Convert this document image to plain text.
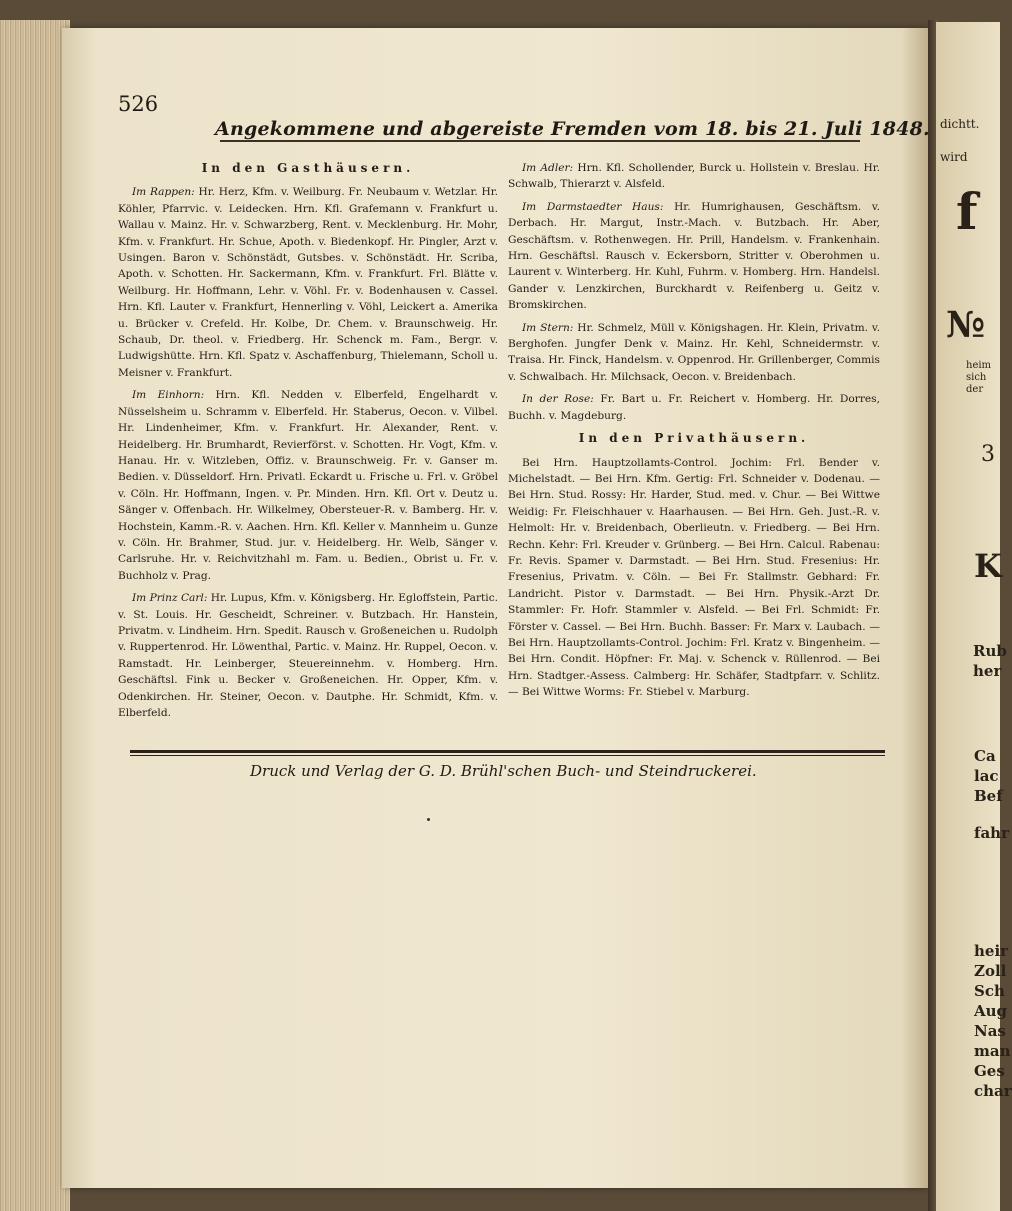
dichtt.
wird
f
№
heim
sich
der
3
K
Rub
her
Ca
lac
Bef
fahr
heir
Zoll
Sch
Aug
Nas
man
Ges
char
526
Angekommene und abgereiste Fremden vom 18. bis 21. Juli 1848.
In den Gasthäusern.

Im Rappen: Hr. Herz, Kfm. v. Weilburg. Fr. Neubaum v. Wetzlar. Hr. Köhler, Pfarrvic. v. Leidecken. Hrn. Kfl. Grafemann v. Frankfurt u. Wallau v. Mainz. Hr. v. Schwarzberg, Rent. v. Mecklenburg. Hr. Mohr, Kfm. v. Frankfurt. Hr. Schue, Apoth. v. Biedenkopf. Hr. Pingler, Arzt v. Usingen. Baron v. Schönstädt, Gutsbes. v. Schönstädt. Hr. Scriba, Apoth. v. Schotten. Hr. Sackermann, Kfm. v. Frankfurt. Frl. Blätte v. Weilburg. Hr. Hoffmann, Lehr. v. Vöhl. Fr. v. Bodenhausen v. Cassel. Hrn. Kfl. Lauter v. Frankfurt, Hennerling v. Vöhl, Leickert a. Amerika u. Brücker v. Crefeld. Hr. Kolbe, Dr. Chem. v. Braunschweig. Hr. Schaub, Dr. theol. v. Friedberg. Hr. Schenck m. Fam., Bergr. v. Ludwigshütte. Hrn. Kfl. Spatz v. Aschaffenburg, Thielemann, Scholl u. Meisner v. Frankfurt.

Im Einhorn: Hrn. Kfl. Nedden v. Elberfeld, Engelhardt v. Nüsselsheim u. Schramm v. Elberfeld. Hr. Staberus, Oecon. v. Vilbel. Hr. Lindenheimer, Kfm. v. Frankfurt. Hr. Alexander, Rent. v. Heidelberg. Hr. Brumhardt, Revierförst. v. Schotten. Hr. Vogt, Kfm. v. Hanau. Hr. v. Witzleben, Offiz. v. Braunschweig. Fr. v. Ganser m. Bedien. v. Düsseldorf. Hrn. Privatl. Eckardt u. Frische u. Frl. v. Gröbel v. Cöln. Hr. Hoffmann, Ingen. v. Pr. Minden. Hrn. Kfl. Ort v. Deutz u. Sänger v. Offenbach. Hr. Wilkelmey, Obersteuer-R. v. Bamberg. Hr. v. Hochstein, Kamm.-R. v. Aachen. Hrn. Kfl. Keller v. Mannheim u. Gunze v. Cöln. Hr. Brahmer, Stud. jur. v. Heidelberg. Hr. Welb, Sänger v. Carlsruhe. Hr. v. Reichvitzhahl m. Fam. u. Bedien., Obrist u. Fr. v. Buchholz v. Prag.

Im Prinz Carl: Hr. Lupus, Kfm. v. Königsberg. Hr. Egloffstein, Partic. v. St. Louis. Hr. Gescheidt, Schreiner. v. Butzbach. Hr. Hanstein, Privatm. v. Lindheim. Hrn. Spedit. Rausch v. Großeneichen u. Rudolph v. Ruppertenrod. Hr. Löwenthal, Partic. v. Mainz. Hr. Ruppel, Oecon. v. Ramstadt. Hr. Leinberger, Steuereinnehm. v. Homberg. Hrn. Geschäftsl. Fink u. Becker v. Großeneichen. Hr. Opper, Kfm. v. Odenkirchen. Hr. Steiner, Oecon. v. Dautphe. Hr. Schmidt, Kfm. v. Elberfeld.

Im Adler: Hrn. Kfl. Schollender, Burck u. Hollstein v. Breslau. Hr. Schwalb, Thierarzt v. Alsfeld.

Im Darmstaedter Haus: Hr. Humrighausen, Geschäftsm. v. Derbach. Hr. Margut, Instr.-Mach. v. Butzbach. Hr. Aber, Geschäftsm. v. Rothenwegen. Hr. Prill, Handelsm. v. Frankenhain. Hrn. Geschäftsl. Rausch v. Eckersborn, Stritter v. Oberohmen u. Laurent v. Winterberg. Hr. Kuhl, Fuhrm. v. Homberg. Hrn. Handelsl. Gander v. Lenzkirchen, Burckhardt v. Reifenberg u. Geitz v. Bromskirchen.

Im Stern: Hr. Schmelz, Müll v. Königshagen. Hr. Klein, Privatm. v. Berghofen. Jungfer Denk v. Mainz. Hr. Kehl, Schneidermstr. v. Traisa. Hr. Finck, Handelsm. v. Oppenrod. Hr. Grillenberger, Commis v. Schwalbach. Hr. Milchsack, Oecon. v. Breidenbach.

In der Rose: Fr. Bart u. Fr. Reichert v. Homberg. Hr. Dorres, Buchh. v. Magdeburg.

In den Privathäusern.

Bei Hrn. Hauptzollamts-Control. Jochim: Frl. Bender v. Michelstadt. — Bei Hrn. Kfm. Gertig: Frl. Schneider v. Dodenau. — Bei Hrn. Stud. Rossy: Hr. Harder, Stud. med. v. Chur. — Bei Wittwe Weidig: Fr. Fleischhauer v. Haarhausen. — Bei Hrn. Geh. Just.-R. v. Helmolt: Hr. v. Breidenbach, Oberlieutn. v. Friedberg. — Bei Hrn. Rechn. Kehr: Frl. Kreuder v. Grünberg. — Bei Hrn. Calcul. Rabenau: Fr. Revis. Spamer v. Darmstadt. — Bei Hrn. Stud. Fresenius: Hr. Fresenius, Privatm. v. Cöln. — Bei Fr. Stallmstr. Gebhard: Fr. Landricht. Pistor v. Darmstadt. — Bei Hrn. Physik.-Arzt Dr. Stammler: Fr. Hofr. Stammler v. Alsfeld. — Bei Frl. Schmidt: Fr. Förster v. Cassel. — Bei Hrn. Buchh. Basser: Fr. Marx v. Laubach. — Bei Hrn. Hauptzollamts-Control. Jochim: Frl. Kratz v. Bingenheim. — Bei Hrn. Condit. Höpfner: Fr. Maj. v. Schenck v. Rüllenrod. — Bei Hrn. Stadtger.-Assess. Calmberg: Hr. Schäfer, Stadtpfarr. v. Schlitz. — Bei Wittwe Worms: Fr. Stiebel v. Marburg.

Druck und Verlag der G. D. Brühl'schen Buch- und Steindruckerei.
